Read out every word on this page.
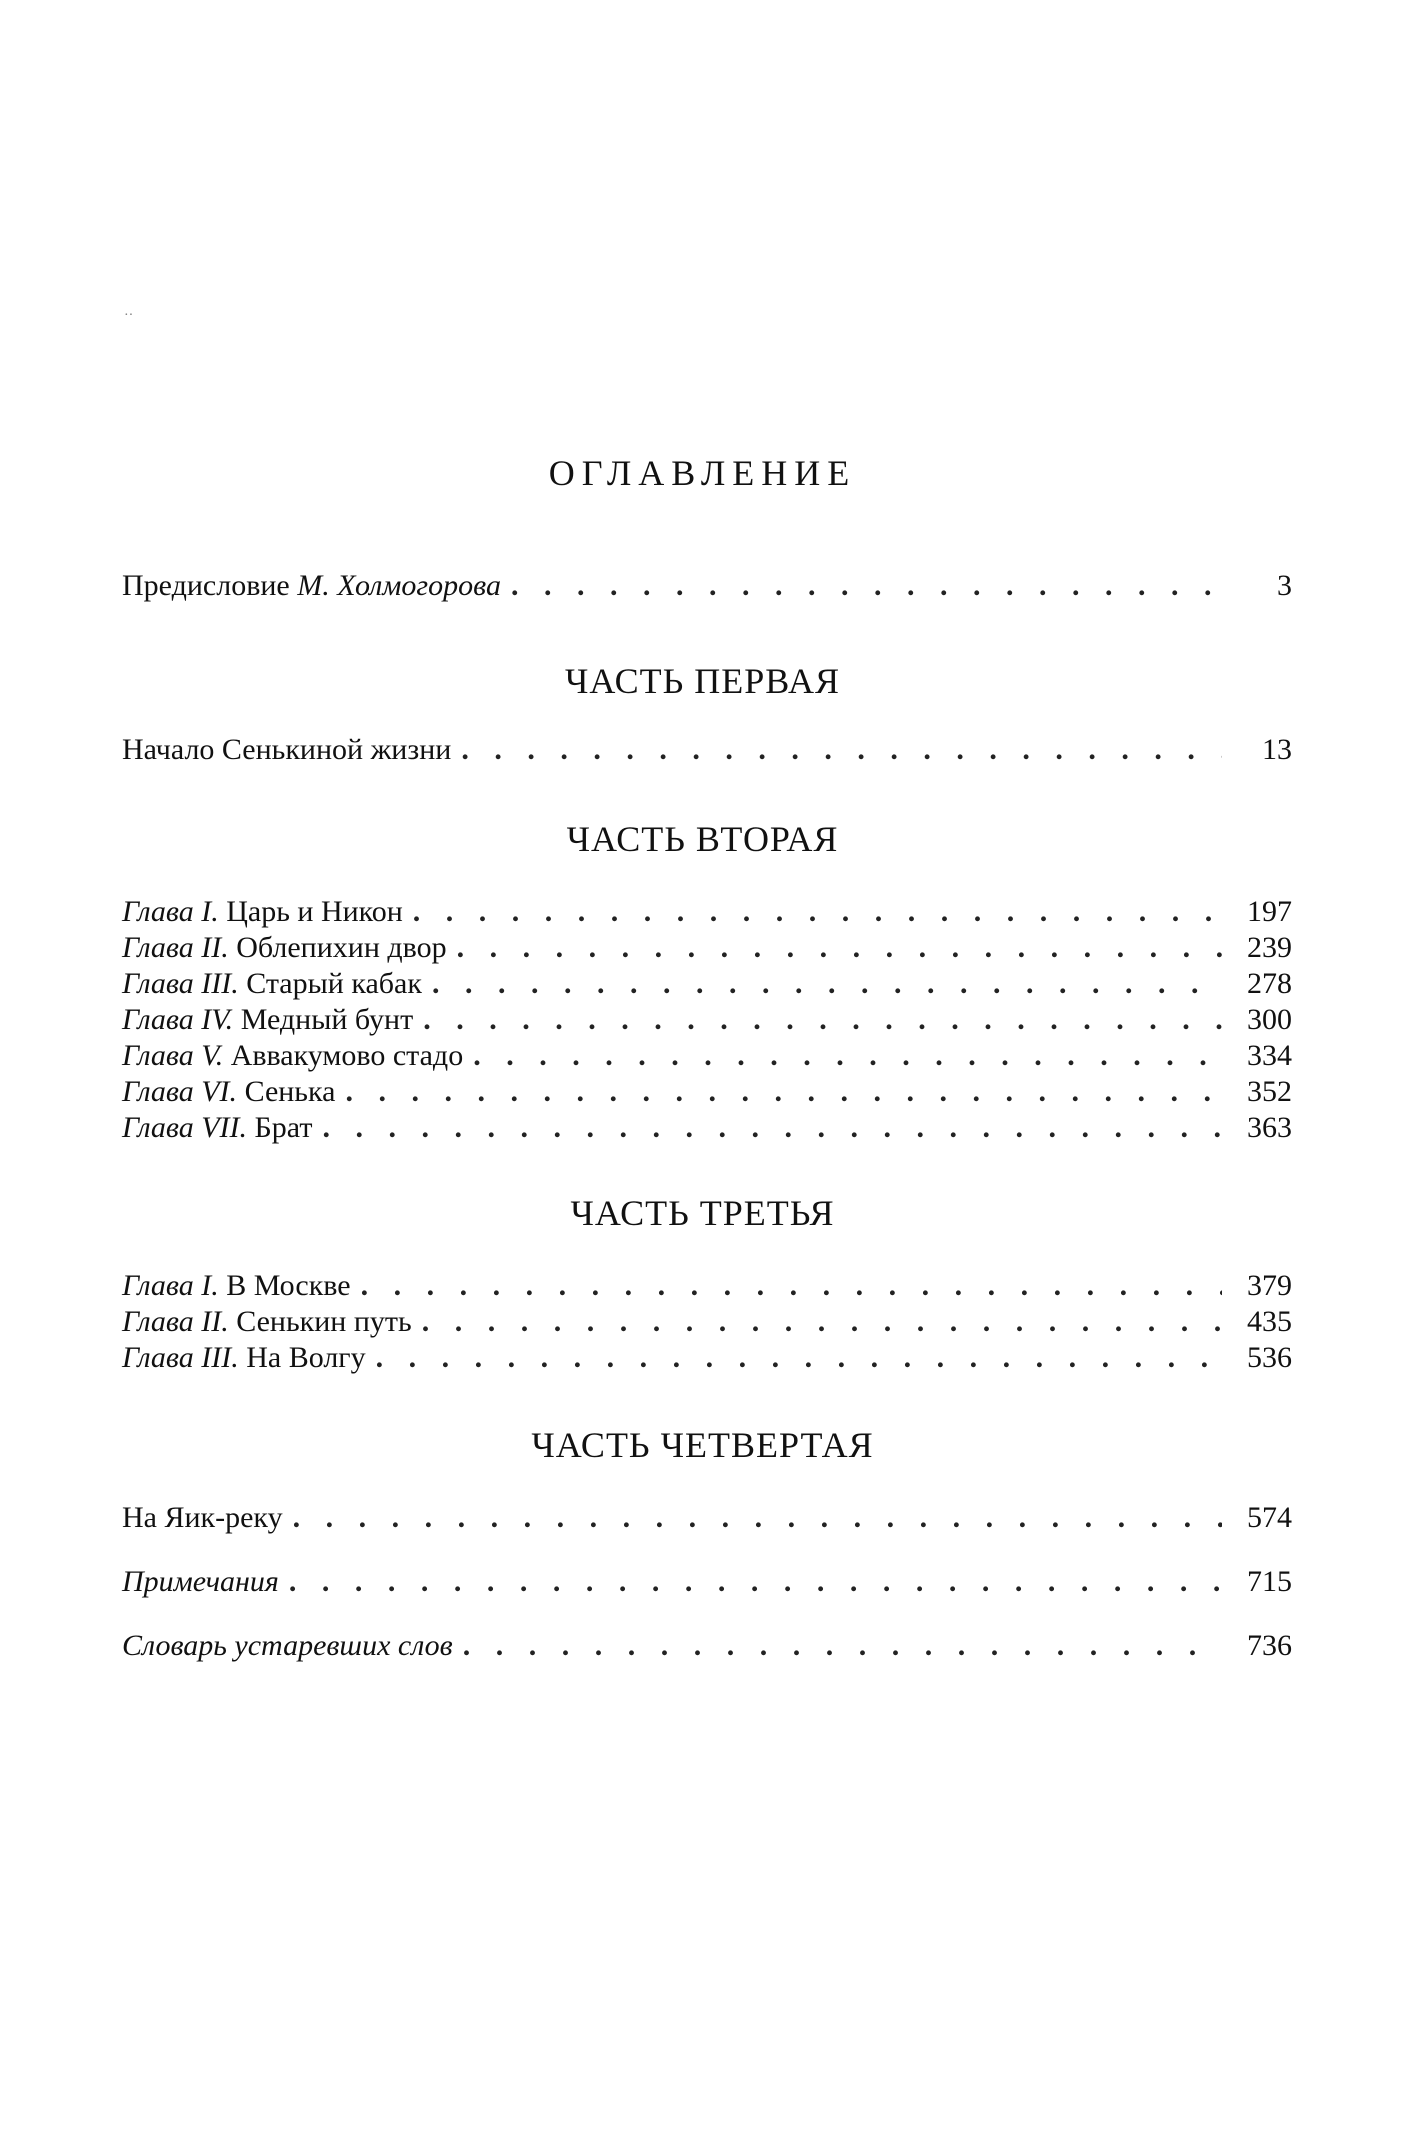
··
ОГЛАВЛЕНИЕ
Предисловие М. Холмогорова . . .	3
ЧАСТЬ ПЕРВАЯ
Начало Сенькиной жизни . . .	13
ЧАСТЬ ВТОРАЯ
Глава I. Царь и Никон . . .	197
Глава II. Облепихин двор . . .	239
Глава III. Старый кабак . . .	278
Глава IV. Медный бунт . . .	300
Глава V. Аввакумово стадо . . .	334
Глава VI. Сенька . . .	352
Глава VII. Брат . . .	363
ЧАСТЬ ТРЕТЬЯ
Глава I. В Москве . . .	379
Глава II. Сенькин путь . . .	435
Глава III. На Волгу . . .	536
ЧАСТЬ ЧЕТВЕРТАЯ
На Яик-реку . . .	574
Примечания . . .	715
Словарь устаревших слов . . .	736
